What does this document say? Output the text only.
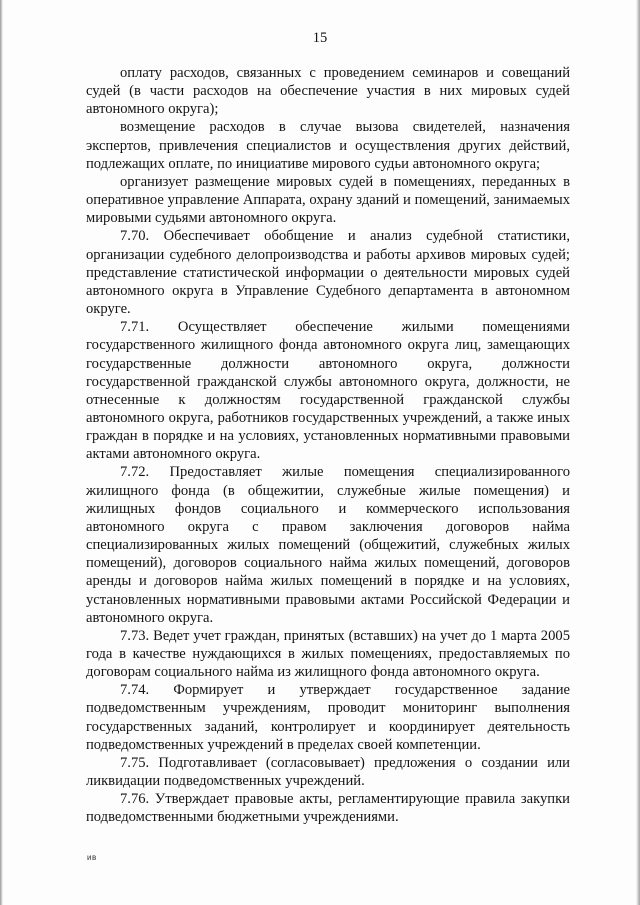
15

оплату расходов, связанных с проведением семинаров и совещаний судей (в части расходов на обеспечение участия в них мировых судей автономного округа);

возмещение расходов в случае вызова свидетелей, назначения экспертов, привлечения специалистов и осуществления других действий, подлежащих оплате, по инициативе мирового судьи автономного округа;

организует размещение мировых судей в помещениях, переданных в оперативное управление Аппарата, охрану зданий и помещений, занимаемых мировыми судьями автономного округа.

7.70. Обеспечивает обобщение и анализ судебной статистики, организации судебного делопроизводства и работы архивов мировых судей; представление статистической информации о деятельности мировых судей автономного округа в Управление Судебного департамента в автономном округе.

7.71. Осуществляет обеспечение жилыми помещениями государственного жилищного фонда автономного округа лиц, замещающих государственные должности автономного округа, должности государственной гражданской службы автономного округа, должности, не отнесенные к должностям государственной гражданской службы автономного округа, работников государственных учреждений, а также иных граждан в порядке и на условиях, установленных нормативными правовыми актами автономного округа.

7.72. Предоставляет жилые помещения специализированного жилищного фонда (в общежитии, служебные жилые помещения) и жилищных фондов социального и коммерческого использования автономного округа с правом заключения договоров найма специализированных жилых помещений (общежитий, служебных жилых помещений), договоров социального найма жилых помещений, договоров аренды и договоров найма жилых помещений в порядке и на условиях, установленных нормативными правовыми актами Российской Федерации и автономного округа.

7.73. Ведет учет граждан, принятых (вставших) на учет до 1 марта 2005 года в качестве нуждающихся в жилых помещениях, предоставляемых по договорам социального найма из жилищного фонда автономного округа.

7.74. Формирует и утверждает государственное задание подведомственным учреждениям, проводит мониторинг выполнения государственных заданий, контролирует и координирует деятельность подведомственных учреждений в пределах своей компетенции.

7.75. Подготавливает (согласовывает) предложения о создании или ликвидации подведомственных учреждений.

7.76. Утверждает правовые акты, регламентирующие правила закупки подведомственными бюджетными учреждениями.

ив
